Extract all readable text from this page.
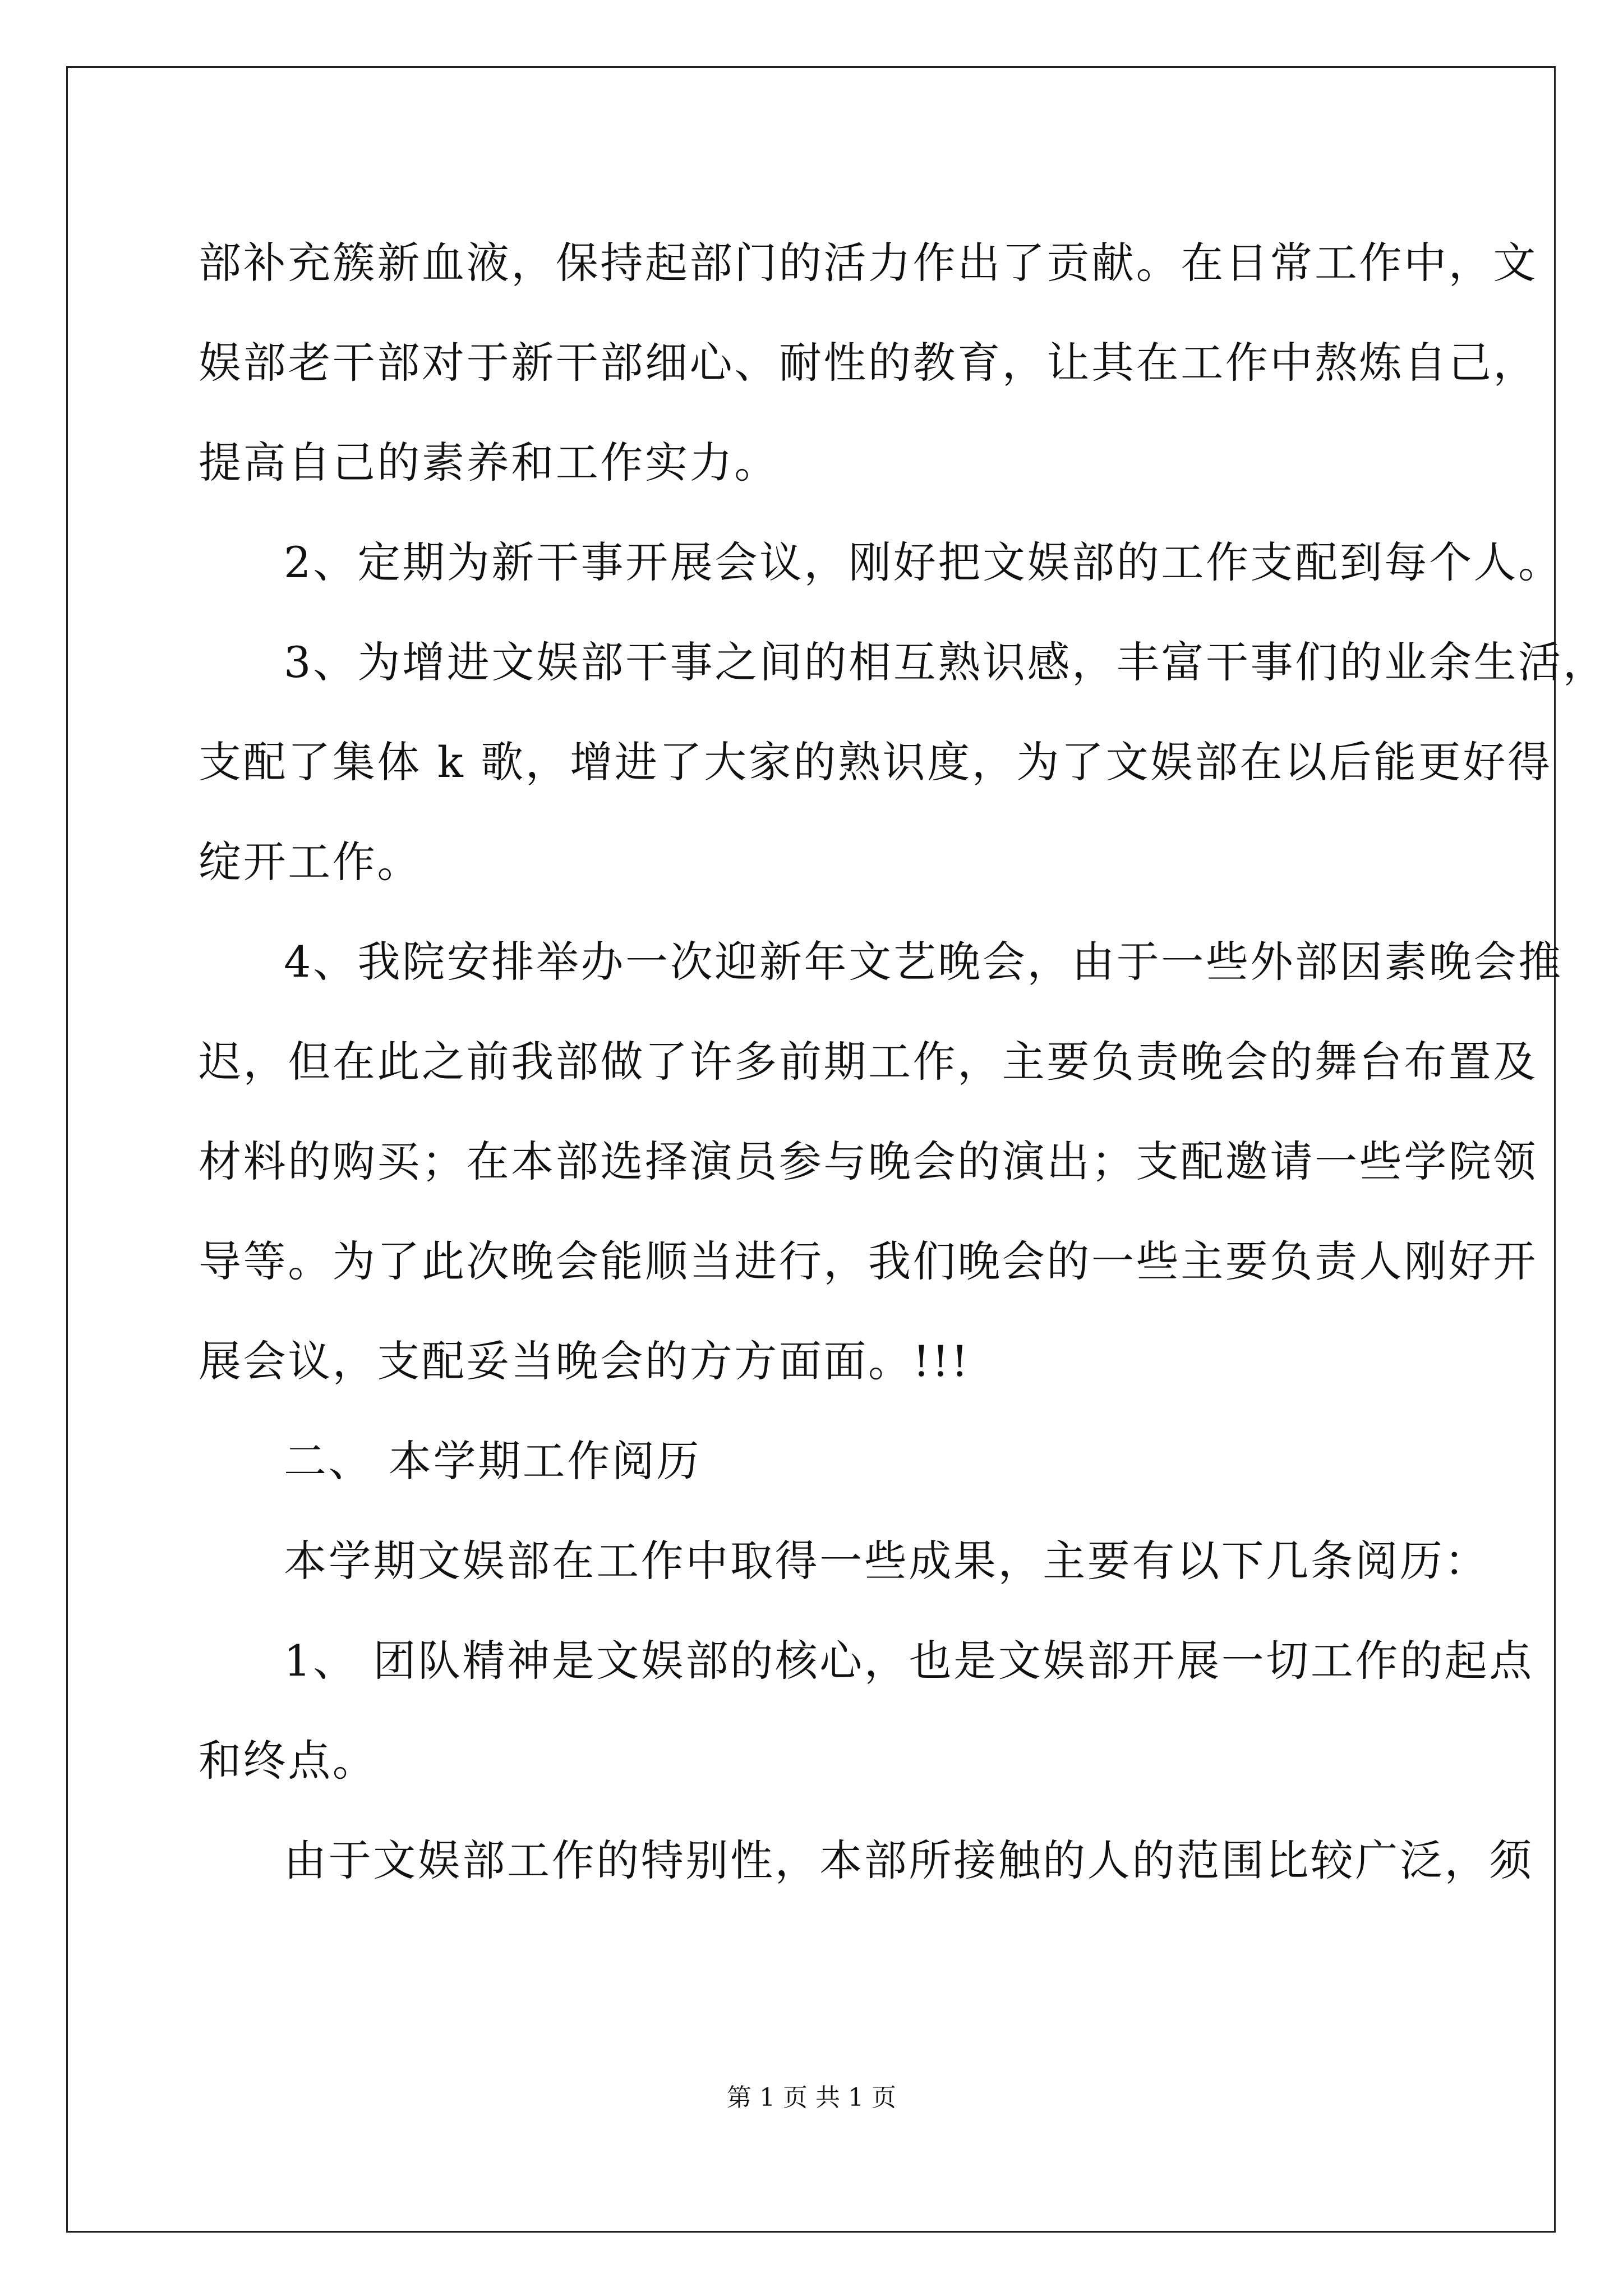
部补充簇新血液，保持起部门的活力作出了贡献。在日常工作中，文
娱部老干部对于新干部细心、耐性的教育，让其在工作中熬炼自己，
提高自己的素养和工作实力。
2、定期为新干事开展会议，刚好把文娱部的工作支配到每个人。
3、为增进文娱部干事之间的相互熟识感，丰富干事们的业余生活，
支配了集体 k 歌，增进了大家的熟识度，为了文娱部在以后能更好得
绽开工作。
4、我院安排举办一次迎新年文艺晚会，由于一些外部因素晚会推
迟，但在此之前我部做了许多前期工作，主要负责晚会的舞台布置及
材料的购买；在本部选择演员参与晚会的演出；支配邀请一些学院领
导等。为了此次晚会能顺当进行，我们晚会的一些主要负责人刚好开
展会议，支配妥当晚会的方方面面。!!!
二、 本学期工作阅历
本学期文娱部在工作中取得一些成果，主要有以下几条阅历：
1、 团队精神是文娱部的核心，也是文娱部开展一切工作的起点
和终点。
由于文娱部工作的特别性，本部所接触的人的范围比较广泛，须
第 1 页 共 1 页
